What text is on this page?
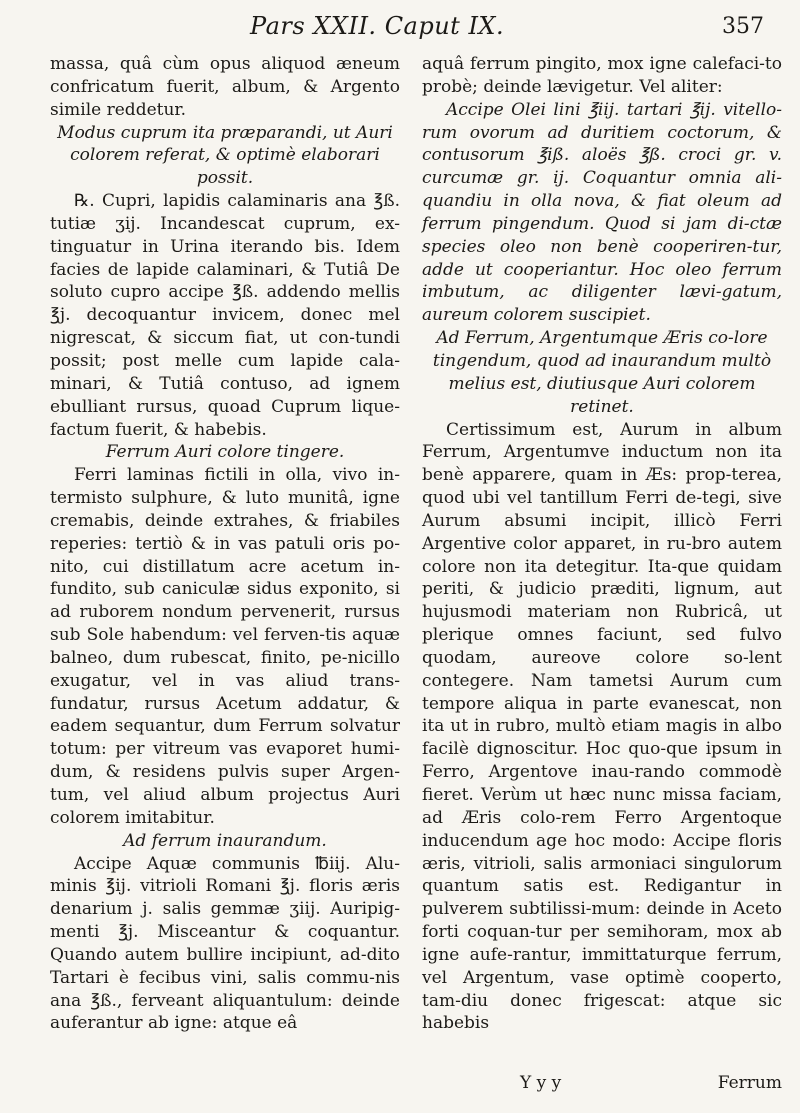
Pars XXII. Caput IX.	357

massa, quâ cùm opus aliquod æneum confricatum fuerit, album, & Argento simile reddetur.

Modus cuprum ita præparandi, ut Auri colorem referat, & optimè elaborari possit.

℞. Cupri, lapidis calaminaris ana ℥ß. tutiæ ʒij. Incandescat cuprum, ex-tinguatur in Urina iterando bis. Idem facies de lapide calaminari, & Tutiâ De soluto cupro accipe ℥ß. addendo mellis ℥j. decoquantur invicem, donec mel nigrescat, & siccum fiat, ut con-tundi possit; post melle cum lapide cala-minari, & Tutiâ contuso, ad ignem ebulliant rursus, quoad Cuprum lique-factum fuerit, & habebis.

Ferrum Auri colore tingere.

Ferri laminas fictili in olla, vivo in-termisto sulphure, & luto munitâ, igne cremabis, deinde extrahes, & friabiles reperies: tertiò & in vas patuli oris po-nito, cui distillatum acre acetum in-fundito, sub caniculæ sidus exponito, si ad ruborem nondum pervenerit, rursus sub Sole habendum: vel ferven-tis aquæ balneo, dum rubescat, finito, pe-nicillo exugatur, vel in vas aliud trans-fundatur, rursus Acetum addatur, & eadem sequantur, dum Ferrum solvatur totum: per vitreum vas evaporet humi-dum, & residens pulvis super Argen-tum, vel aliud album projectus Auri colorem imitabitur.

Ad ferrum inaurandum.

Accipe Aquæ communis ℔iij. Alu-minis ℥ij. vitrioli Romani ℥j. floris æris denarium j. salis gemmæ ʒiij. Auripig-menti ℥j. Misceantur & coquantur. Quando autem bullire incipiunt, ad-dito Tartari è fecibus vini, salis commu-nis ana ℥ß., ferveant aliquantulum: deinde auferantur ab igne: atque eâ

aquâ ferrum pingito, mox igne calefaci-to probè; deinde lævigetur. Vel aliter:

Accipe Olei lini ℥iij. tartari ℥ij. vitello-rum ovorum ad duritiem coctorum, & contusorum ℥iß. aloës ℥ß. croci gr. v. curcumæ gr. ij. Coquantur omnia ali-quandiu in olla nova, & fiat oleum ad ferrum pingendum. Quod si jam di-ctæ species oleo non benè cooperiren-tur, adde ut cooperiantur. Hoc oleo ferrum imbutum, ac diligenter lævi-gatum, aureum colorem suscipiet.

Ad Ferrum, Argentumque Æris co-lore tingendum, quod ad inaurandum multò melius est, diutiusque Auri colorem retinet.

Certissimum est, Aurum in album Ferrum, Argentumve inductum non ita benè apparere, quam in Æs: prop-terea, quod ubi vel tantillum Ferri de-tegi, sive Aurum absumi incipit, illicò Ferri Argentive color apparet, in ru-bro autem colore non ita detegitur. Ita-que quidam periti, & judicio præditi, lignum, aut hujusmodi materiam non Rubricâ, ut plerique omnes faciunt, sed fulvo quodam, aureove colore so-lent contegere. Nam tametsi Aurum cum tempore aliqua in parte evanescat, non ita ut in rubro, multò etiam magis in albo facilè dignoscitur. Hoc quo-que ipsum in Ferro, Argentove inau-rando commodè fieret. Verùm ut hæc nunc missa faciam, ad Æris colo-rem Ferro Argentoque inducendum age hoc modo: Accipe floris æris, vitrioli, salis armoniaci singulorum quantum satis est. Redigantur in pulverem subtilissi-mum: deinde in Aceto forti coquan-tur per semihoram, mox ab igne aufe-rantur, immittaturque ferrum, vel Argentum, vase optimè cooperto, tam-diu donec frigescat: atque sic habebis

Y y y	Ferrum
